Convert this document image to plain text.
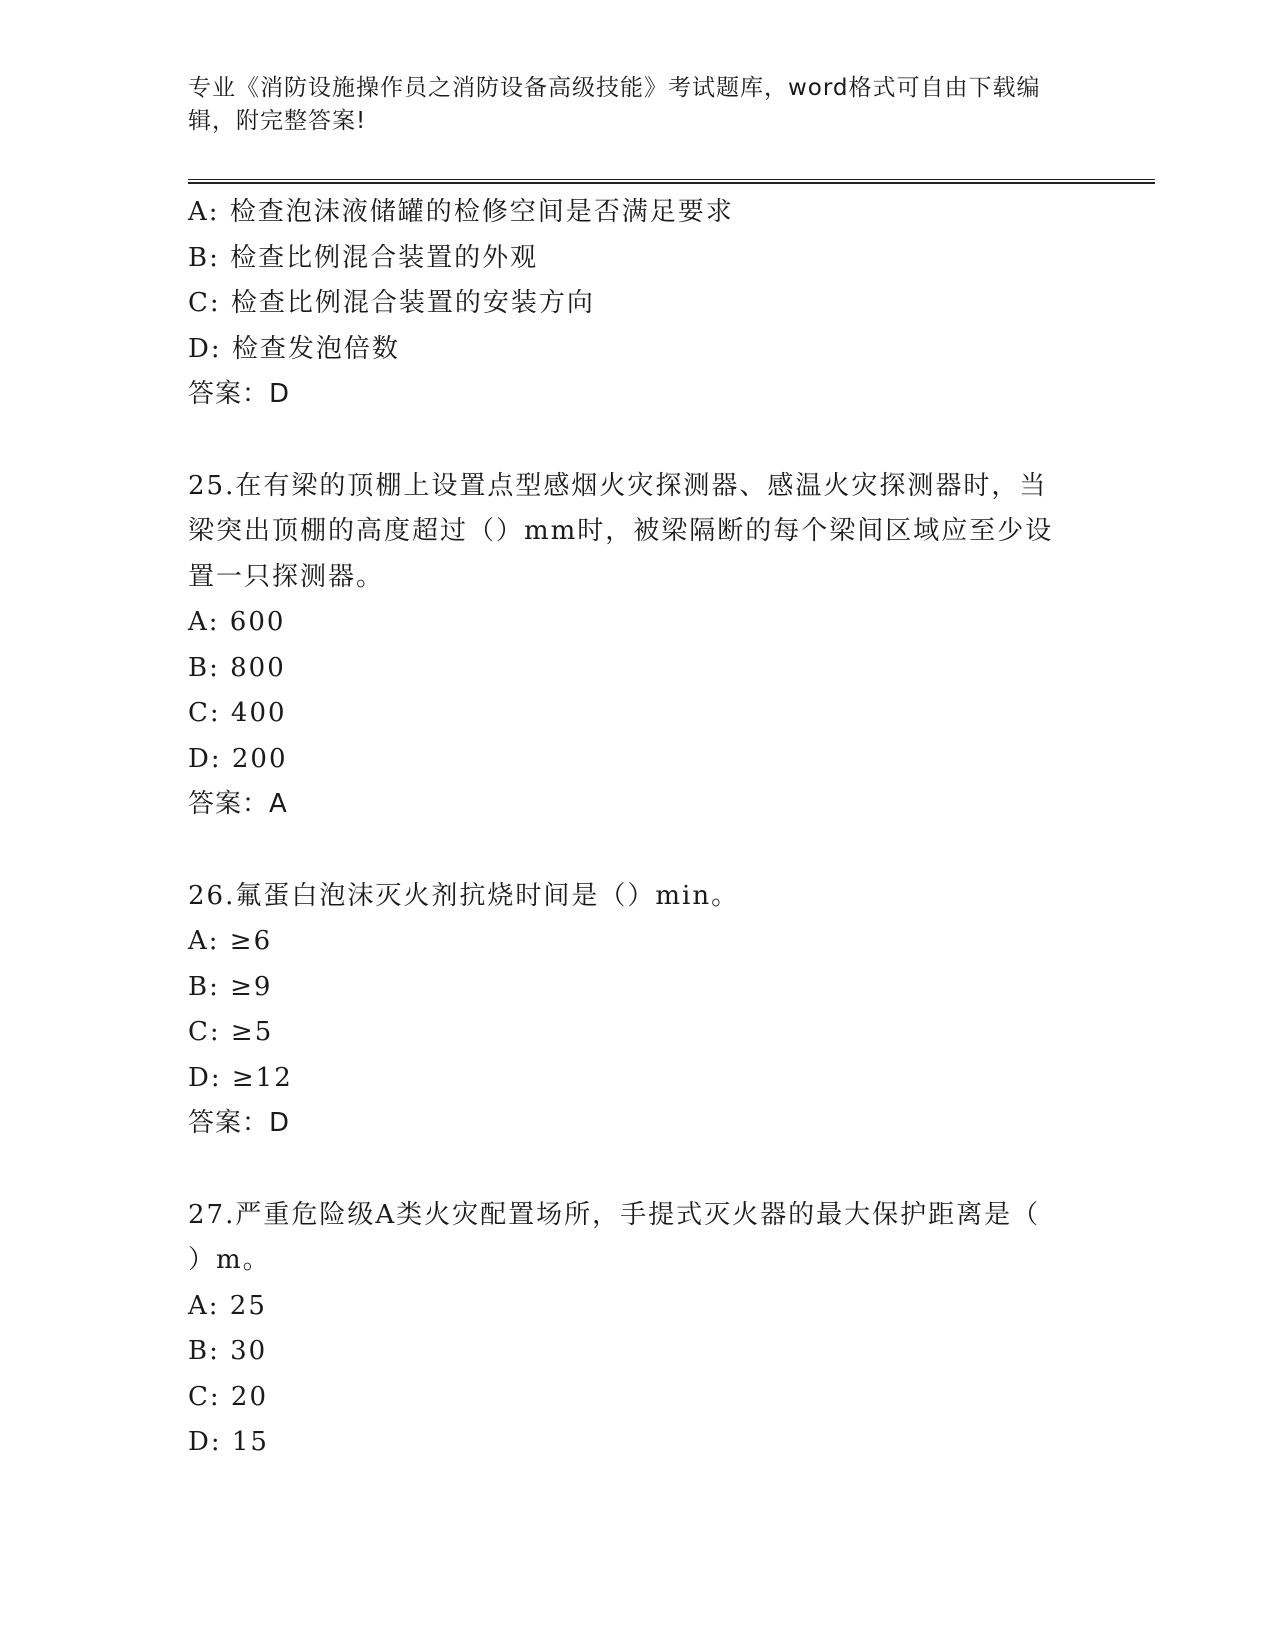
专业《消防设施操作员之消防设备高级技能》考试题库，word格式可自由下载编
辑，附完整答案!
A: 检查泡沫液储罐的检修空间是否满足要求
B: 检查比例混合装置的外观
C: 检查比例混合装置的安装方向
D: 检查发泡倍数
答案：D
25.在有梁的顶棚上设置点型感烟火灾探测器、感温火灾探测器时，当
梁突出顶棚的高度超过（）mm时，被梁隔断的每个梁间区域应至少设
置一只探测器。
A: 600
B: 800
C: 400
D: 200
答案：A
26.氟蛋白泡沫灭火剂抗烧时间是（）min。
A: ≥6
B: ≥9
C: ≥5
D: ≥12
答案：D
27.严重危险级A类火灾配置场所，手提式灭火器的最大保护距离是（
）m。
A: 25
B: 30
C: 20
D: 15
